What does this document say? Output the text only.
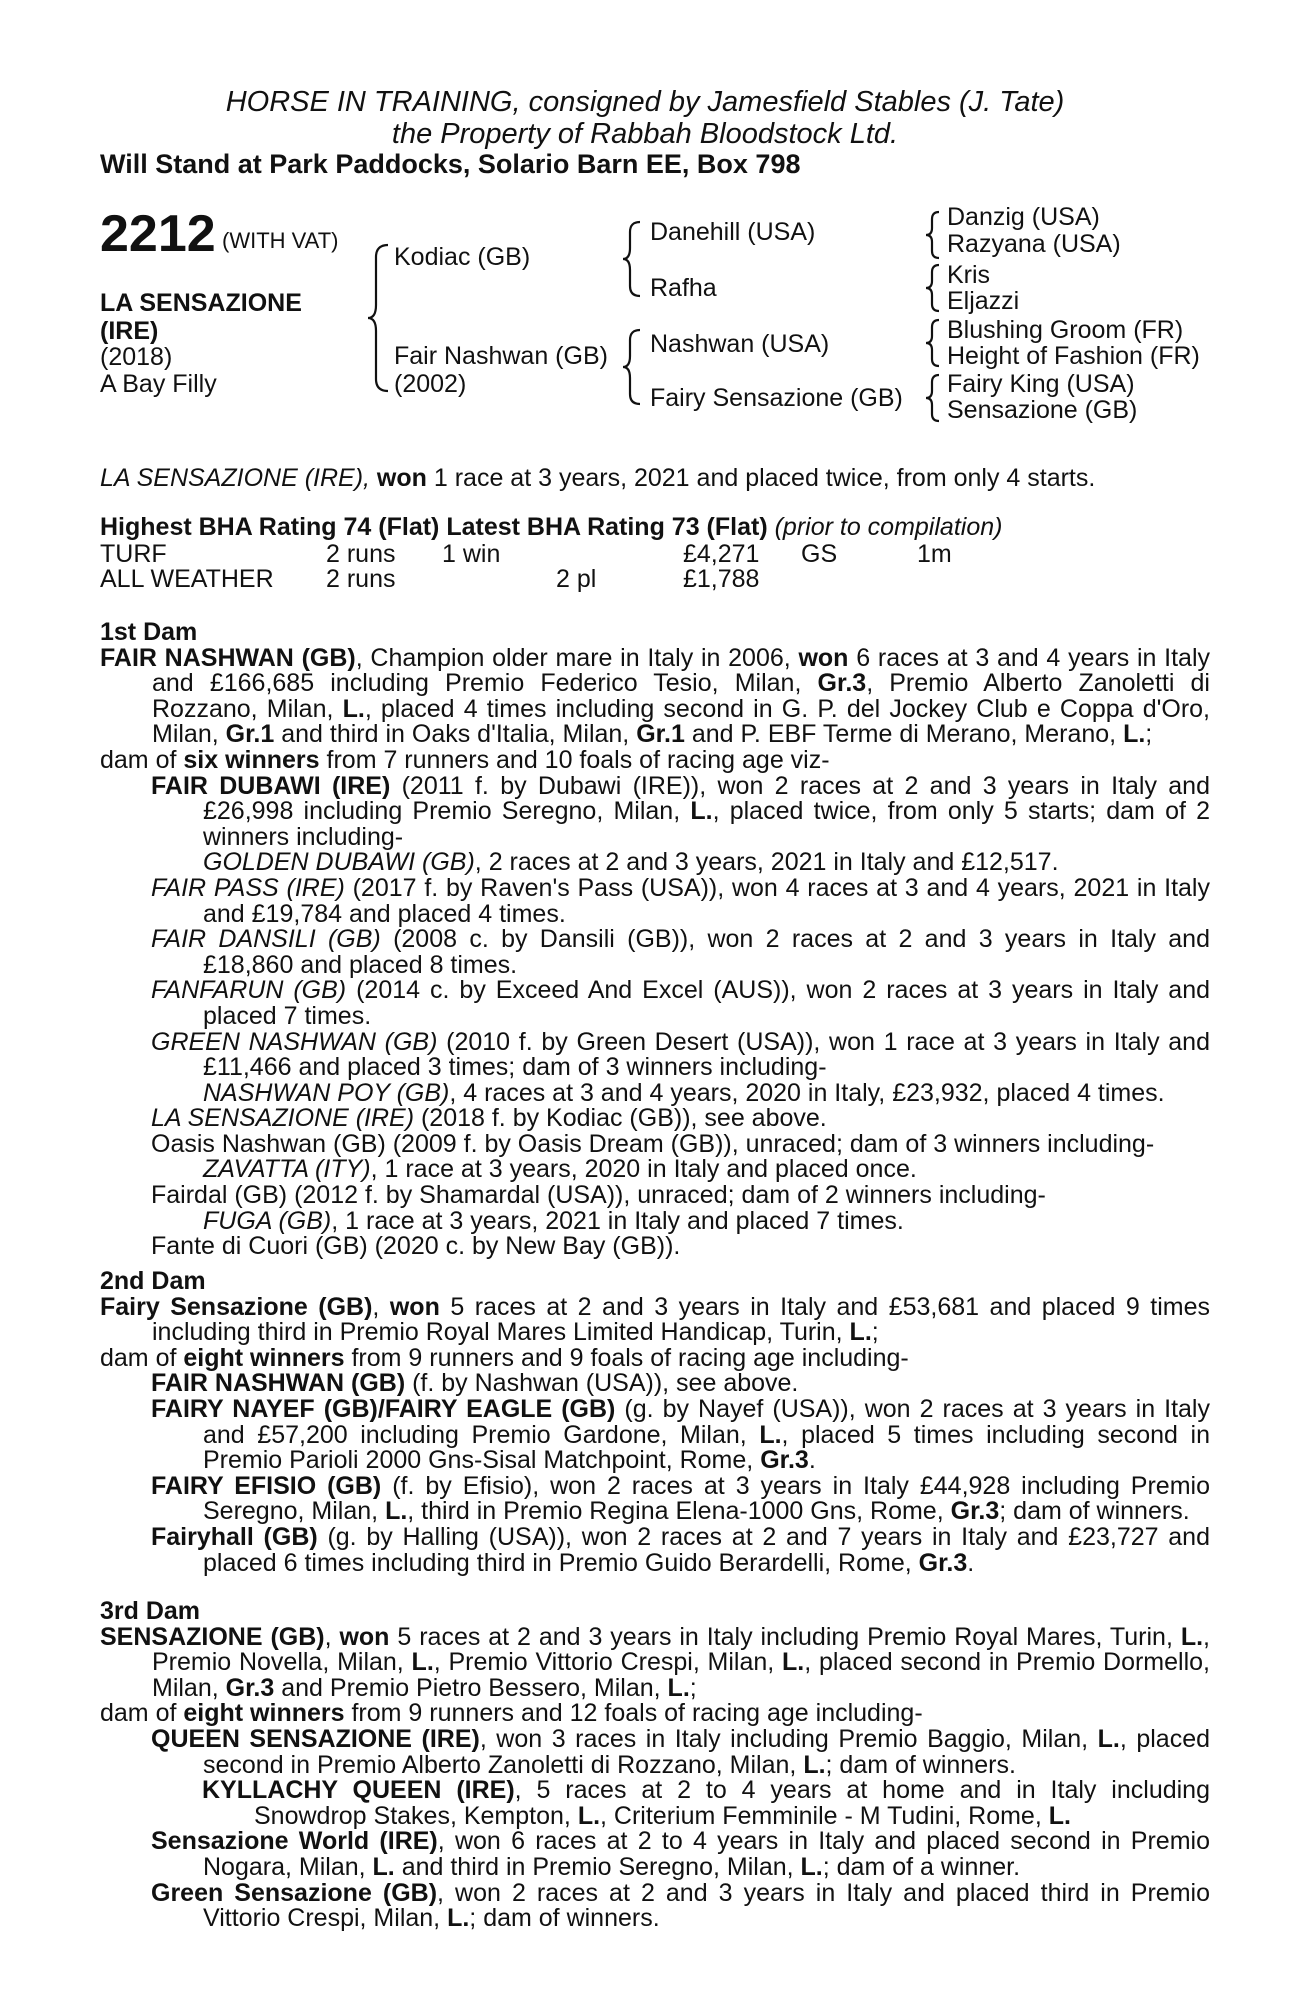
HORSE IN TRAINING, consigned by Jamesfield Stables (J. Tate)
the Property of Rabbah Bloodstock Ltd.
Will Stand at Park Paddocks, Solario Barn EE, Box 798
2212 (WITH VAT)
LA SENSAZIONE
(IRE)
(2018)
A Bay Filly
Kodiac (GB)
Fair Nashwan (GB)
(2002)
Danehill (USA)
Rafha
Nashwan (USA)
Fairy Sensazione (GB)
Danzig (USA)
Razyana (USA)
Kris
Eljazzi
Blushing Groom (FR)
Height of Fashion (FR)
Fairy King (USA)
Sensazione (GB)
LA SENSAZIONE (IRE), won 1 race at 3 years, 2021 and placed twice, from only 4 starts.
Highest BHA Rating 74 (Flat) Latest BHA Rating 73 (Flat) (prior to compilation)
TURF	2 runs 1 win	£4,271 GS	1m
ALL WEATHER 2 runs	2 pl	£1,788

1st Dam

FAIR NASHWAN (GB), Champion older mare in Italy in 2006, won 6 races at 3 and 4 years in Italy and £166,685 including Premio Federico Tesio, Milan, Gr.3, Premio Alberto Zanoletti di Rozzano, Milan, L., placed 4 times including second in G. P. del Jockey Club e Coppa d'Oro, Milan, Gr.1 and third in Oaks d'Italia, Milan, Gr.1 and P. EBF Terme di Merano, Merano, L.;

dam of six winners from 7 runners and 10 foals of racing age viz-

FAIR DUBAWI (IRE) (2011 f. by Dubawi (IRE)), won 2 races at 2 and 3 years in Italy and £26,998 including Premio Seregno, Milan, L., placed twice, from only 5 starts; dam of 2 winners including-

GOLDEN DUBAWI (GB), 2 races at 2 and 3 years, 2021 in Italy and £12,517.

FAIR PASS (IRE) (2017 f. by Raven's Pass (USA)), won 4 races at 3 and 4 years, 2021 in Italy and £19,784 and placed 4 times.

FAIR DANSILI (GB) (2008 c. by Dansili (GB)), won 2 races at 2 and 3 years in Italy and £18,860 and placed 8 times.

FANFARUN (GB) (2014 c. by Exceed And Excel (AUS)), won 2 races at 3 years in Italy and placed 7 times.

GREEN NASHWAN (GB) (2010 f. by Green Desert (USA)), won 1 race at 3 years in Italy and £11,466 and placed 3 times; dam of 3 winners including-

NASHWAN POY (GB), 4 races at 3 and 4 years, 2020 in Italy, £23,932, placed 4 times.

LA SENSAZIONE (IRE) (2018 f. by Kodiac (GB)), see above.

Oasis Nashwan (GB) (2009 f. by Oasis Dream (GB)), unraced; dam of 3 winners including-

ZAVATTA (ITY), 1 race at 3 years, 2020 in Italy and placed once.

Fairdal (GB) (2012 f. by Shamardal (USA)), unraced; dam of 2 winners including-

FUGA (GB), 1 race at 3 years, 2021 in Italy and placed 7 times.

Fante di Cuori (GB) (2020 c. by New Bay (GB)).

2nd Dam

Fairy Sensazione (GB), won 5 races at 2 and 3 years in Italy and £53,681 and placed 9 times including third in Premio Royal Mares Limited Handicap, Turin, L.;

dam of eight winners from 9 runners and 9 foals of racing age including-

FAIR NASHWAN (GB) (f. by Nashwan (USA)), see above.

FAIRY NAYEF (GB)/FAIRY EAGLE (GB) (g. by Nayef (USA)), won 2 races at 3 years in Italy and £57,200 including Premio Gardone, Milan, L., placed 5 times including second in Premio Parioli 2000 Gns-Sisal Matchpoint, Rome, Gr.3.

FAIRY EFISIO (GB) (f. by Efisio), won 2 races at 3 years in Italy £44,928 including Premio Seregno, Milan, L., third in Premio Regina Elena-1000 Gns, Rome, Gr.3; dam of winners.

Fairyhall (GB) (g. by Halling (USA)), won 2 races at 2 and 7 years in Italy and £23,727 and placed 6 times including third in Premio Guido Berardelli, Rome, Gr.3.

3rd Dam

SENSAZIONE (GB), won 5 races at 2 and 3 years in Italy including Premio Royal Mares, Turin, L., Premio Novella, Milan, L., Premio Vittorio Crespi, Milan, L., placed second in Premio Dormello, Milan, Gr.3 and Premio Pietro Bessero, Milan, L.;

dam of eight winners from 9 runners and 12 foals of racing age including-

QUEEN SENSAZIONE (IRE), won 3 races in Italy including Premio Baggio, Milan, L., placed second in Premio Alberto Zanoletti di Rozzano, Milan, L.; dam of winners.

KYLLACHY QUEEN (IRE), 5 races at 2 to 4 years at home and in Italy including Snowdrop Stakes, Kempton, L., Criterium Femminile - M Tudini, Rome, L.

Sensazione World (IRE), won 6 races at 2 to 4 years in Italy and placed second in Premio Nogara, Milan, L. and third in Premio Seregno, Milan, L.; dam of a winner.

Green Sensazione (GB), won 2 races at 2 and 3 years in Italy and placed third in Premio Vittorio Crespi, Milan, L.; dam of winners.
